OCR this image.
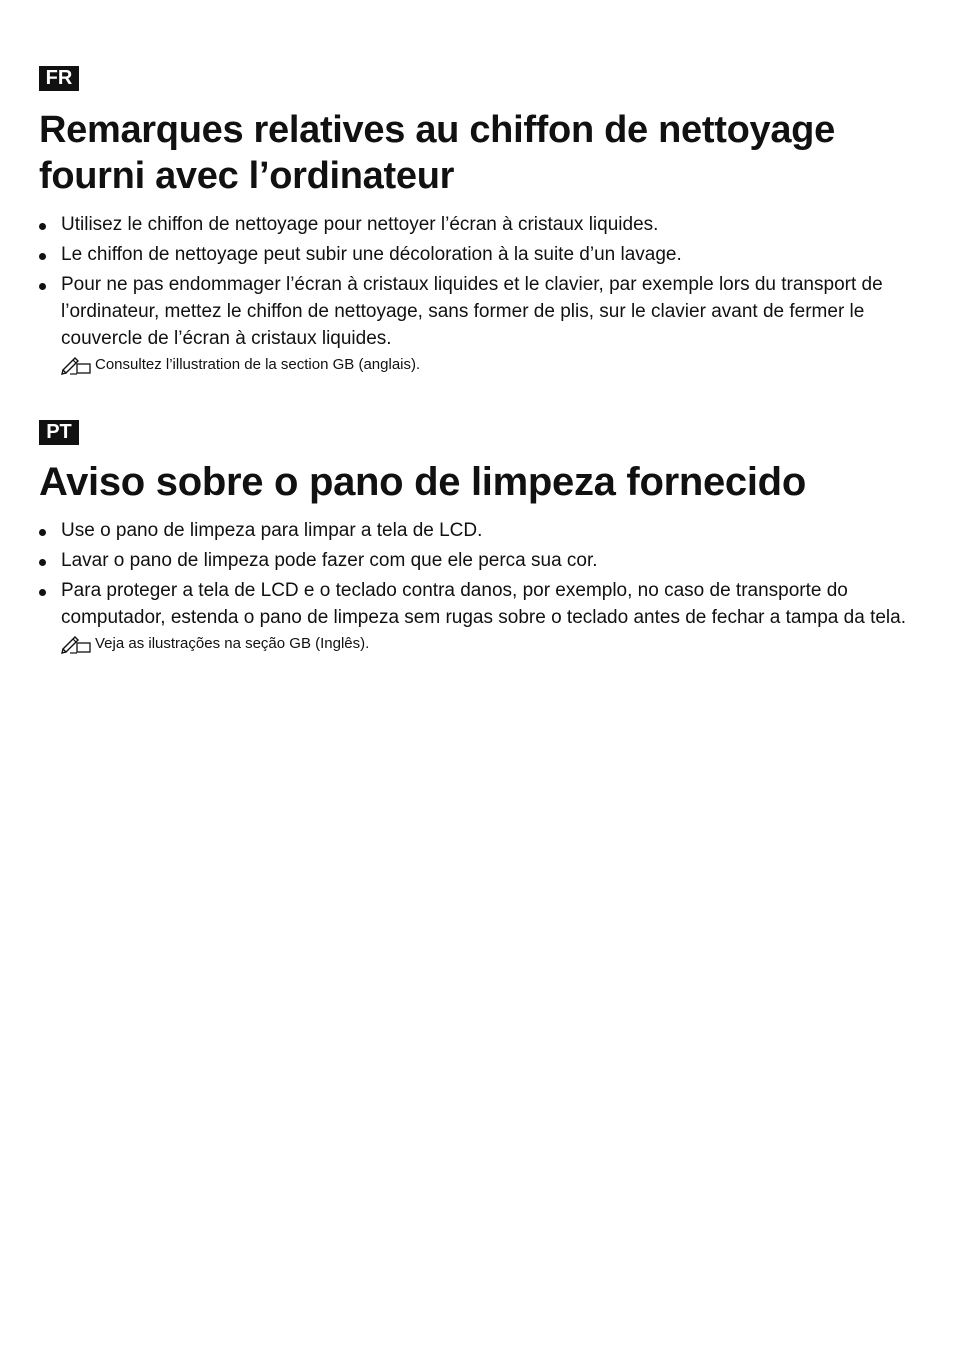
FR
Remarques relatives au chiffon de nettoyage fourni avec l’ordinateur
Utilisez le chiffon de nettoyage pour nettoyer l’écran à cristaux liquides.
Le chiffon de nettoyage peut subir une décoloration à la suite d’un lavage.
Pour ne pas endommager l’écran à cristaux liquides et le clavier, par exemple lors du transport de l’ordinateur, mettez le chiffon de nettoyage, sans former de plis, sur le clavier avant de fermer le couvercle de l’écran à cristaux liquides.
Consultez l’illustration de la section GB (anglais).
PT
Aviso sobre o pano de limpeza fornecido
Use o pano de limpeza para limpar a tela de LCD.
Lavar o pano de limpeza pode fazer com que ele perca sua cor.
Para proteger a tela de LCD e o teclado contra danos, por exemplo, no caso de transporte do computador, estenda o pano de limpeza sem rugas sobre o teclado antes de fechar a tampa da tela.
Veja as ilustrações na seção GB (Inglês).
